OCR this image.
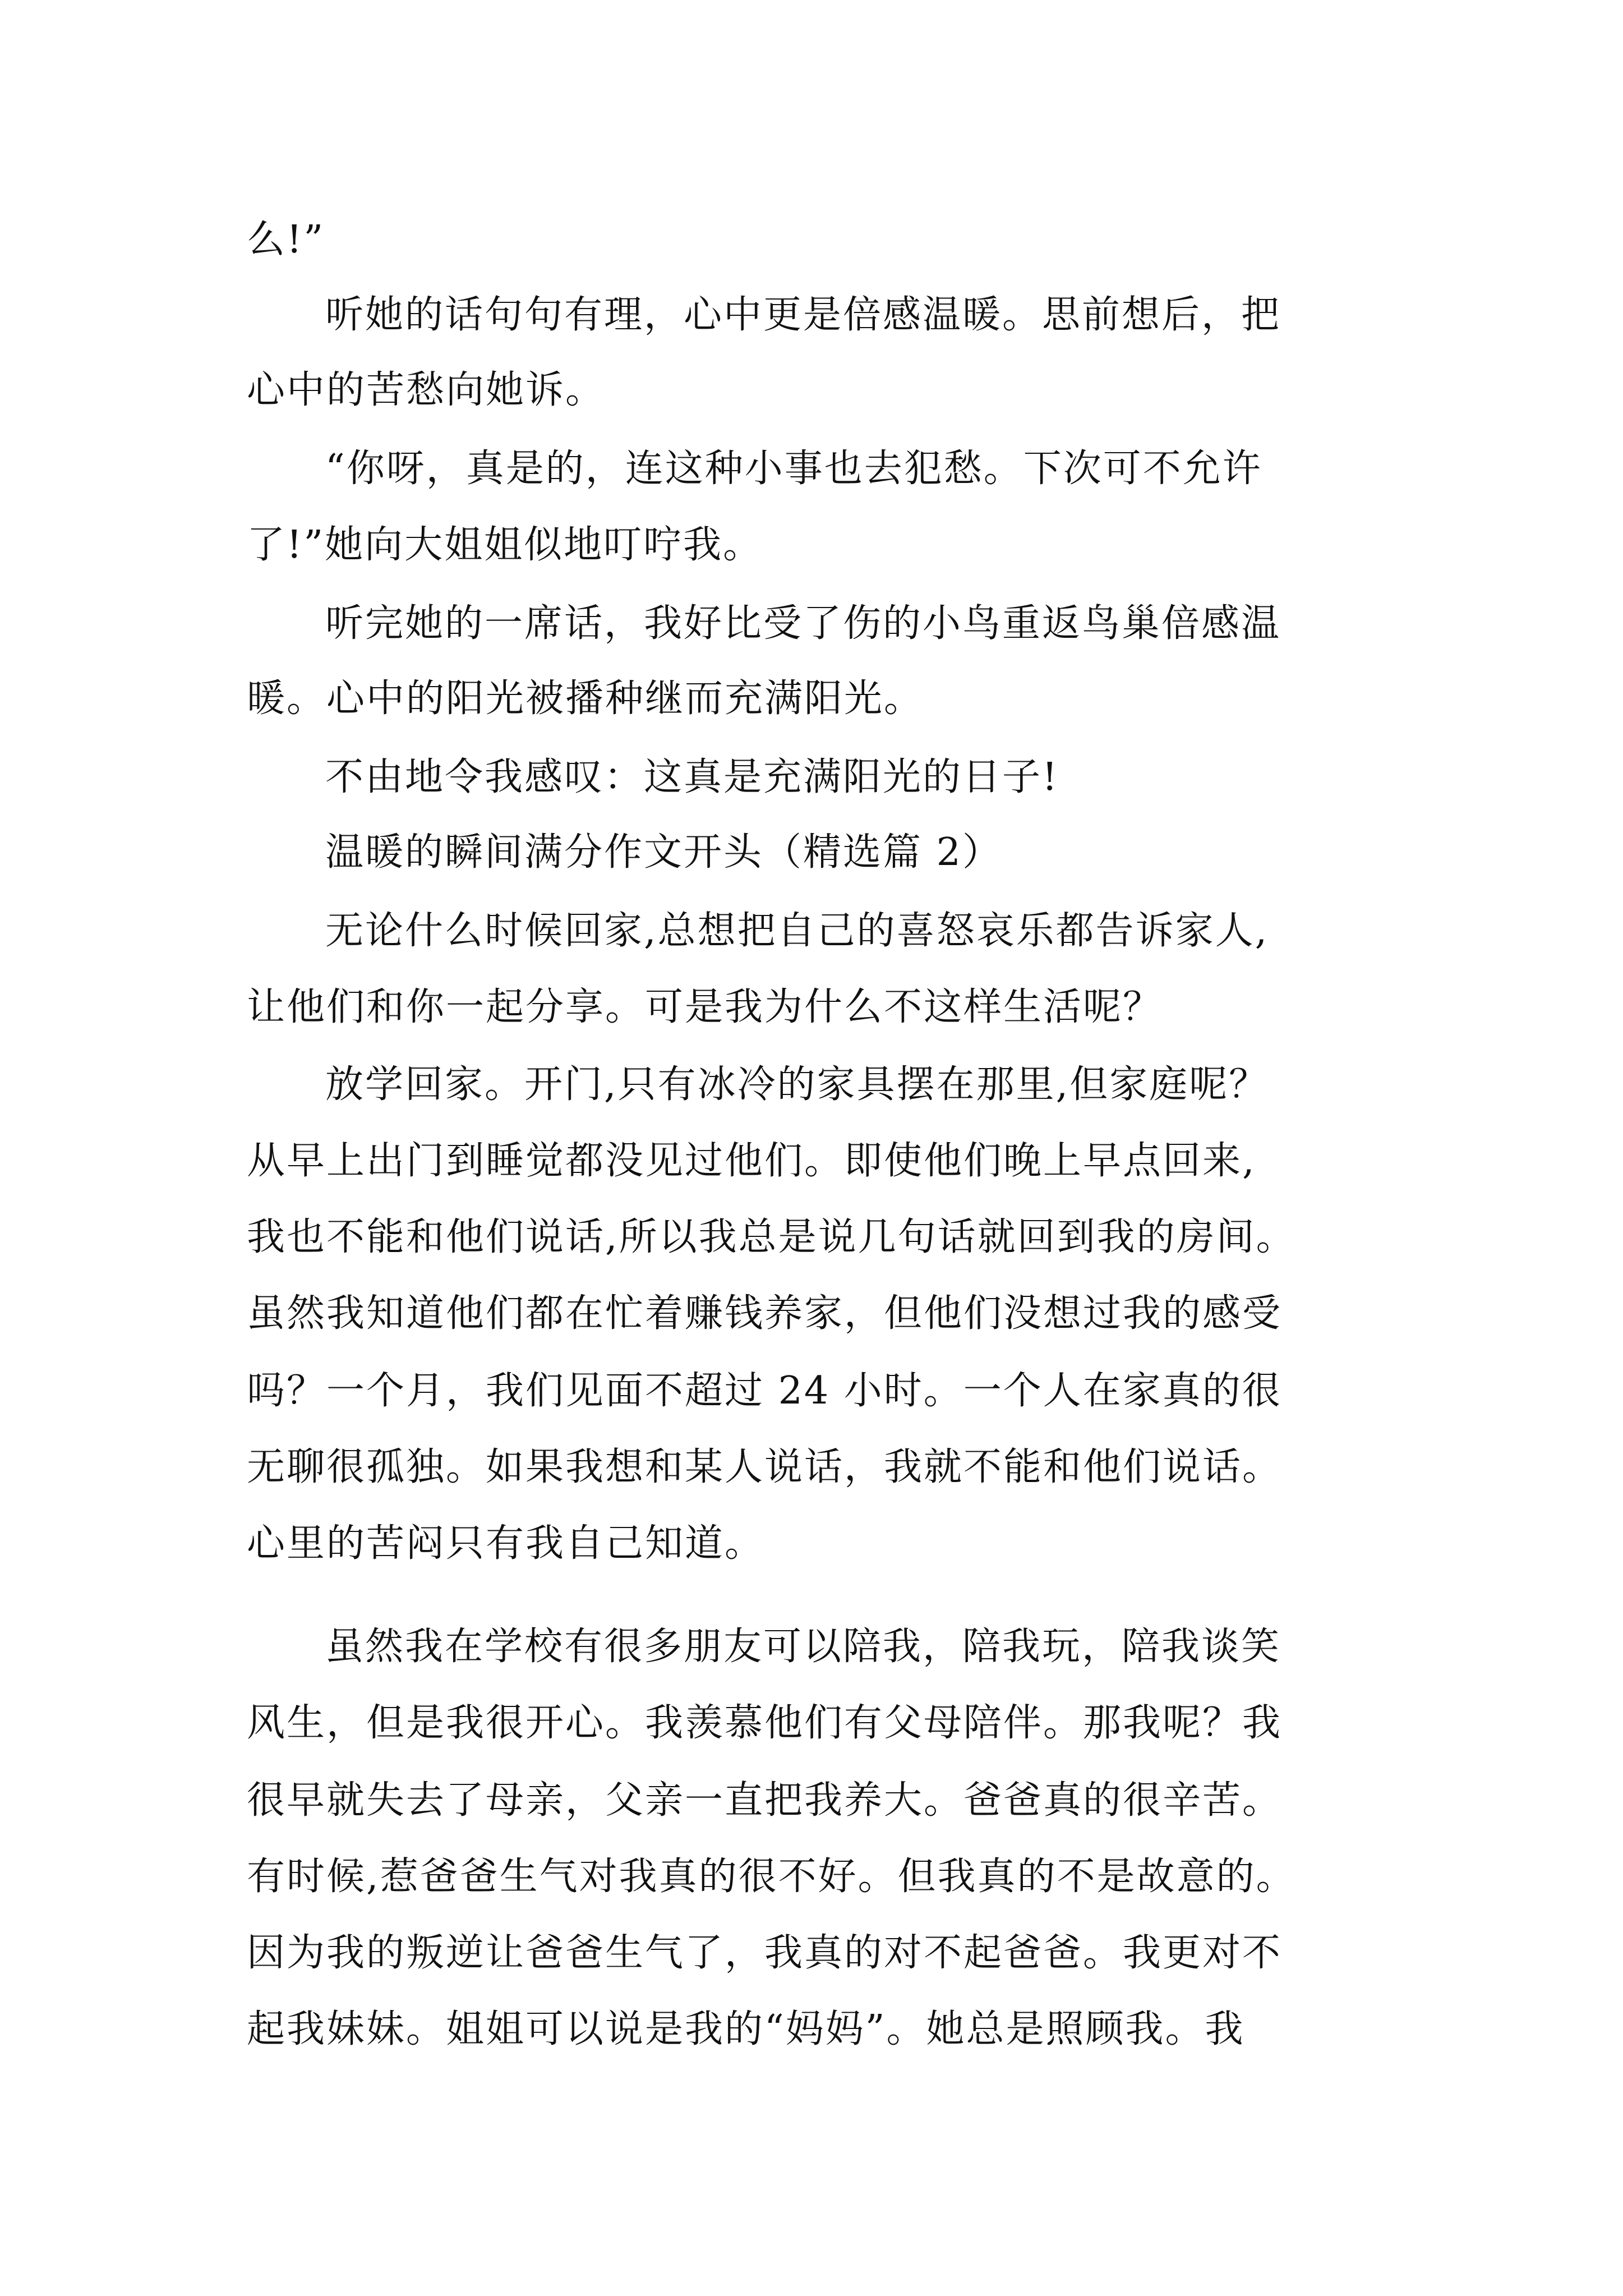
么!”
听她的话句句有理，心中更是倍感温暖。思前想后，把
心中的苦愁向她诉。
“你呀，真是的，连这种小事也去犯愁。下次可不允许
了!”她向大姐姐似地叮咛我。
听完她的一席话，我好比受了伤的小鸟重返鸟巢倍感温
暖。心中的阳光被播种继而充满阳光。
不由地令我感叹：这真是充满阳光的日子!
温暖的瞬间满分作文开头（精选篇 2）
无论什么时候回家,总想把自己的喜怒哀乐都告诉家人,
让他们和你一起分享。可是我为什么不这样生活呢？
放学回家。开门,只有冰冷的家具摆在那里,但家庭呢？
从早上出门到睡觉都没见过他们。即使他们晚上早点回来,
我也不能和他们说话,所以我总是说几句话就回到我的房间。
虽然我知道他们都在忙着赚钱养家，但他们没想过我的感受
吗？一个月，我们见面不超过 24 小时。一个人在家真的很
无聊很孤独。如果我想和某人说话，我就不能和他们说话。
心里的苦闷只有我自己知道。
虽然我在学校有很多朋友可以陪我，陪我玩，陪我谈笑
风生，但是我很开心。我羡慕他们有父母陪伴。那我呢？我
很早就失去了母亲，父亲一直把我养大。爸爸真的很辛苦。
有时候,惹爸爸生气对我真的很不好。但我真的不是故意的。
因为我的叛逆让爸爸生气了，我真的对不起爸爸。我更对不
起我妹妹。姐姐可以说是我的“妈妈”。她总是照顾我。我
